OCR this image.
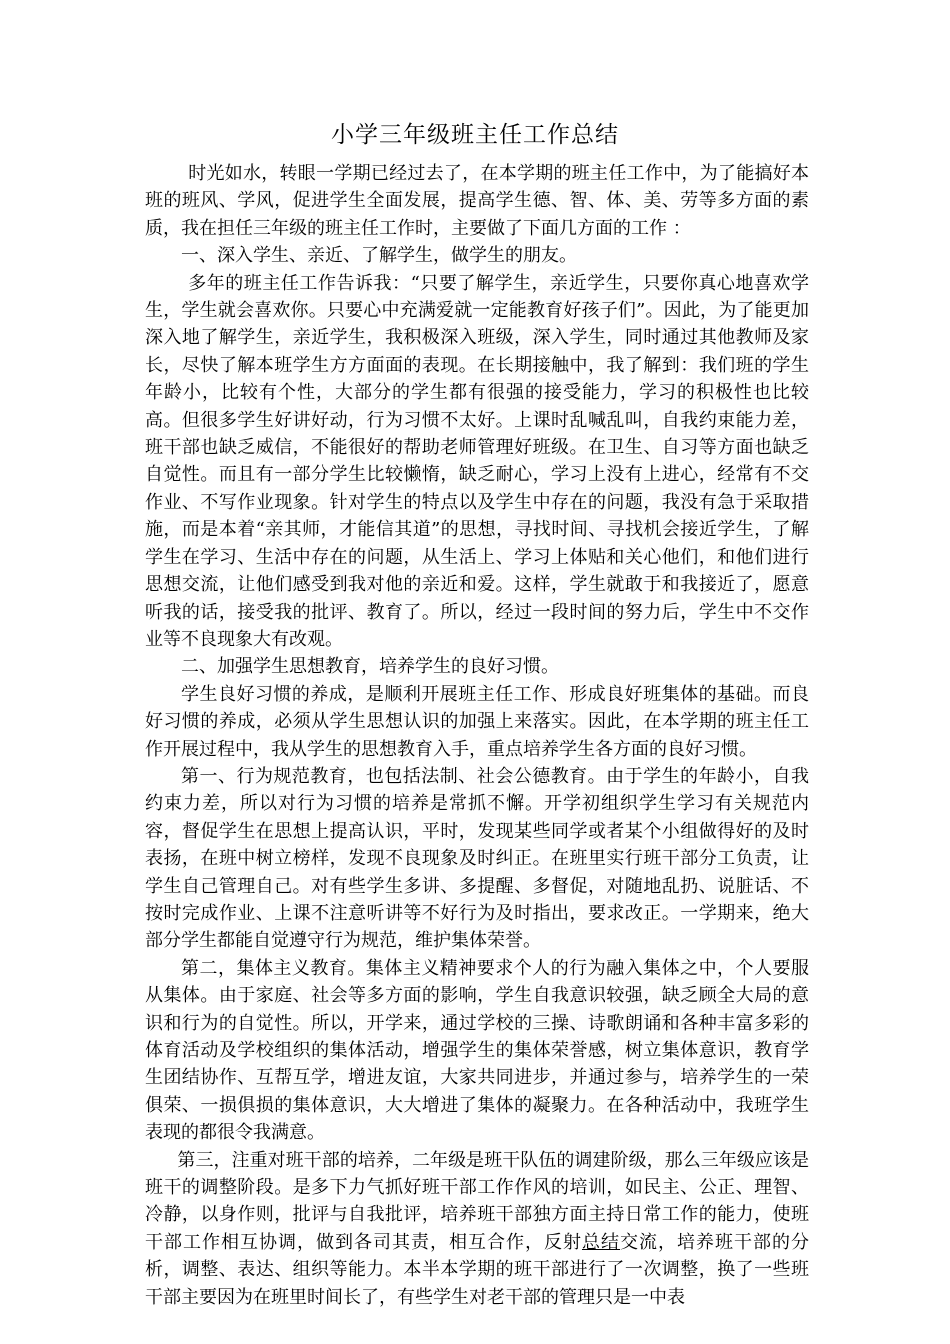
小学三年级班主任工作总结

时光如水，转眼一学期已经过去了，在本学期的班主任工作中，为了能搞好本班的班风、学风，促进学生全面发展，提高学生德、智、体、美、劳等多方面的素质，我在担任三年级的班主任工作时，主要做了下面几方面的工作 ：

一、深入学生、亲近、了解学生，做学生的朋友。

多年的班主任工作告诉我：“只要了解学生，亲近学生，只要你真心地喜欢学生，学生就会喜欢你。只要心中充满爱就一定能教育好孩子们”。因此，为了能更加深入地了解学生，亲近学生，我积极深入班级，深入学生，同时通过其他教师及家长，尽快了解本班学生方方面面的表现。在长期接触中，我了解到：我们班的学生年龄小，比较有个性，大部分的学生都有很强的接受能力，学习的积极性也比较高。但很多学生好讲好动，行为习惯不太好。上课时乱喊乱叫，自我约束能力差，班干部也缺乏威信，不能很好的帮助老师管理好班级。在卫生、自习等方面也缺乏自觉性。而且有一部分学生比较懒惰，缺乏耐心，学习上没有上进心，经常有不交作业、不写作业现象。针对学生的特点以及学生中存在的问题，我没有急于采取措施，而是本着“亲其师，才能信其道”的思想，寻找时间、寻找机会接近学生，了解学生在学习、生活中存在的问题，从生活上、学习上体贴和关心他们，和他们进行思想交流，让他们感受到我对他的亲近和爱。这样，学生就敢于和我接近了，愿意听我的话，接受我的批评、教育了。所以，经过一段时间的努力后，学生中不交作业等不良现象大有改观。

二、加强学生思想教育，培养学生的良好习惯。

学生良好习惯的养成，是顺利开展班主任工作、形成良好班集体的基础。而良好习惯的养成，必须从学生思想认识的加强上来落实。因此，在本学期的班主任工作开展过程中，我从学生的思想教育入手，重点培养学生各方面的良好习惯。

第一、行为规范教育，也包括法制、社会公德教育。由于学生的年龄小，自我约束力差，所以对行为习惯的培养是常抓不懈。开学初组织学生学习有关规范内容，督促学生在思想上提高认识，平时，发现某些同学或者某个小组做得好的及时表扬，在班中树立榜样，发现不良现象及时纠正。在班里实行班干部分工负责，让学生自己管理自己。对有些学生多讲、多提醒、多督促，对随地乱扔、说脏话、不按时完成作业、上课不注意听讲等不好行为及时指出，要求改正。一学期来，绝大部分学生都能自觉遵守行为规范，维护集体荣誉。

第二，集体主义教育。集体主义精神要求个人的行为融入集体之中，个人要服从集体。由于家庭、社会等多方面的影响，学生自我意识较强，缺乏顾全大局的意识和行为的自觉性。所以，开学来，通过学校的三操、诗歌朗诵和各种丰富多彩的体育活动及学校组织的集体活动，增强学生的集体荣誉感，树立集体意识，教育学生团结协作、互帮互学，增进友谊，大家共同进步，并通过参与，培养学生的一荣俱荣、一损俱损的集体意识，大大增进了集体的凝聚力。在各种活动中，我班学生表现的都很令我满意。

第三，注重对班干部的培养，二年级是班干队伍的调建阶级，那么三年级应该是班干的调整阶段。是多下力气抓好班干部工作作风的培训，如民主、公正、理智、冷静，以身作则，批评与自我批评，培养班干部独方面主持日常工作的能力，使班干部工作相互协调，做到各司其责，相互合作，反射总结交流，培养班干部的分析，调整、表达、组织等能力。本半本学期的班干部进行了一次调整，换了一些班干部主要因为在班里时间长了，有些学生对老干部的管理只是一中表
